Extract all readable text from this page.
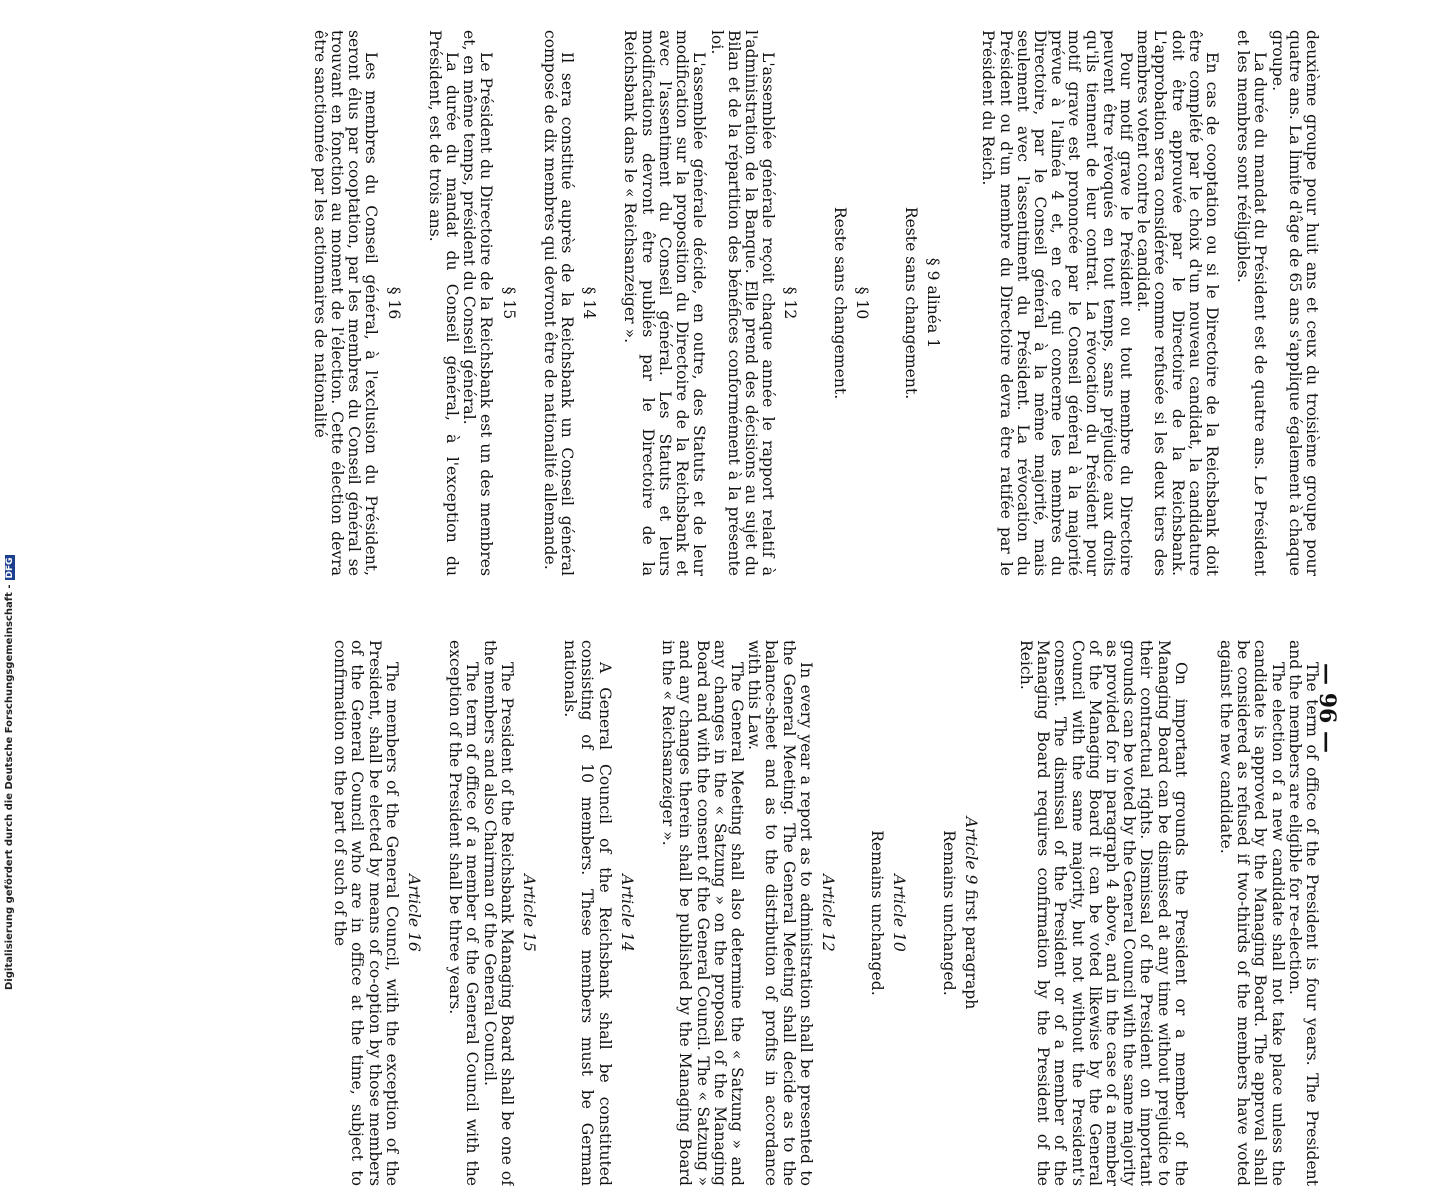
— 96 —

deuxième groupe pour huit ans et ceux du troisième groupe pour quatre ans. La limite d'âge de 65 ans s'applique également à chaque groupe.

La durée du mandat du Président est de quatre ans. Le Président et les membres sont rééligibles.

En cas de cooptation ou si le Directoire de la Reichsbank doit être complété par le choix d'un nouveau candidat, la candidature doit être approuvée par le Directoire de la Reichsbank. L'approbation sera considérée comme refusée si les deux tiers des membres votent contre le candidat.

Pour motif grave le Président ou tout membre du Directoire peuvent être révoqués en tout temps, sans préjudice aux droits qu'ils tiennent de leur contrat. La révocation du Président pour motif grave est prononcée par le Conseil général à la majorité prévue à l'alinéa 4 et, en ce qui concerne les membres du Directoire, par le Conseil général à la même majorité, mais seulement avec l'assentiment du Président. La révocation du Président ou d'un membre du Directoire devra être ratifée par le Président du Reich.

§ 9 alinéa 1
Reste sans changement.
§ 10
Reste sans changement.
§ 12

L'assemblée générale reçoit chaque année le rapport relatif à l'administration de la Banque. Elle prend des décisions au sujet du Bilan et de la répartition des bénéfices conformément à la présente loi.

L'assemblée générale décide, en outre, des Statuts et de leur modification sur la proposition du Directoire de la Reichsbank et avec l'assentiment du Conseil général. Les Statuts et leurs modifications devront être publiés par le Directoire de la Reichsbank dans le « Reichsanzeiger ».

§ 14

Il sera constitué auprès de la Reichsbank un Conseil général composé de dix membres qui devront être de nationalité allemande.

§ 15

Le Président du Directoire de la Reichsbank est un des membres et, en même temps, président du Conseil général.

La durée du mandat du Conseil général, à l'exception du Président, est de trois ans.

§ 16

Les membres du Conseil général, à l'exclusion du Président, seront élus par cooptation, par les membres du Conseil général se trouvant en fonction au moment de l'élection. Cette élection devra être sanctionnée par les actionnaires de nationalité

The term of office of the President is four years. The President and the members are eligible for re-election.

The election of a new candidate shall not take place unless the candidate is approved by the Managing Board. The approval shall be considered as refused if two-thirds of the members have voted against the new candidate.

On important grounds the President or a member of the Managing Board can be dismissed at any time without prejudice to their contractual rights. Dismissal of the President on important grounds can be voted by the General Council with the same majority as provided for in paragraph 4 above, and in the case of a member of the Managing Board it can be voted likewise by the General Council with the same majority, but not without the President's consent. The dismissal of the President or of a member of the Managing Board requires confirmation by the President of the Reich.

Article 9 first paragraph
Remains unchanged.
Article 10
Remains unchanged.
Article 12

In every year a report as to administration shall be presented to the General Meeting. The General Meeting shall decide as to the balance-sheet and as to the distribution of profits in accordance with this Law.

The General Meeting shall also determine the « Satzung » and any changes in the « Satzung » on the proposal of the Managing Board and with the consent of the General Council. The « Satzung » and any changes therein shall be published by the Managing Board in the « Reichsanzeiger ».

Article 14

A General Council of the Reichsbank shall be constituted consisting of 10 members. These members must be German nationals.

Article 15

The President of the Reichsbank Managing Board shall be one of the members and also Chairman of the General Council.

The term of office of a member of the General Council with the exception of the President shall be three years.

Article 16

The members of the General Council, with the exception of the President, shall be elected by means of co-option by those members of the General Council who are in office at the time, subject to confirmation on the part of such of the

Digitalisierung gefördert durch die Deutsche Forschungsgemeinschaft -DFG
